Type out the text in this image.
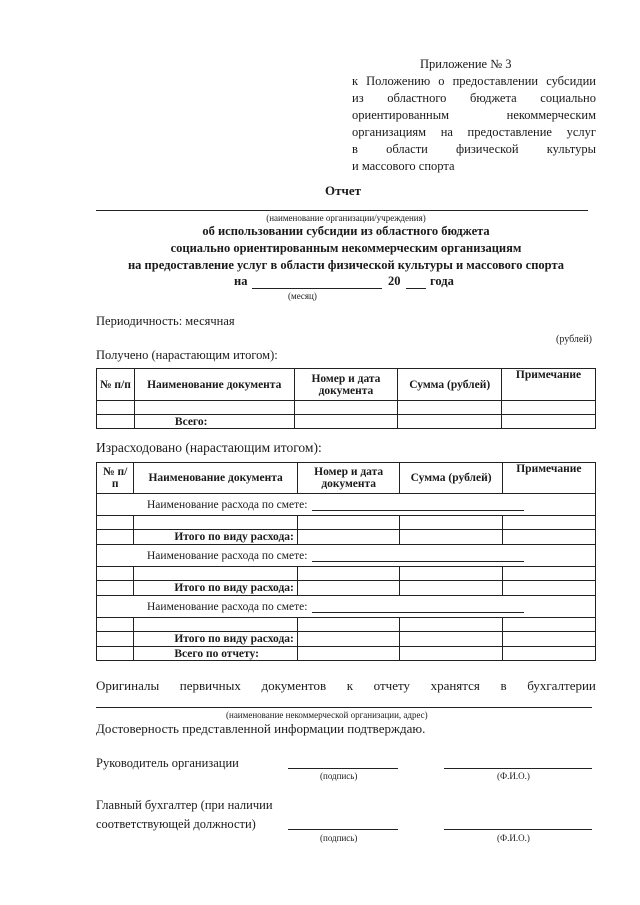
Приложение № 3
к Положению о предоставлении субсидии
из областного бюджета социально
ориентированным некоммерческим
организациям на предоставление услуг
в области физической культуры
и массового спорта
Отчет
(наименование организации/учреждения)
об использовании субсидии из областного бюджета
социально ориентированным некоммерческим организациям
на предоставление услуг в области физической культуры и массового спорта
на	20 года
(месяц)
Периодичность: месячная
(рублей)
Получено (нарастающим итогом):
№ п/п	Наименование документа	Номер и дата документа	Сумма (рублей)	Примечание

	Всего:			
Израсходовано (нарастающим итогом):
№ п/п	Наименование документа	Номер и дата документа	Сумма (рублей)	Примечание
Наименование расхода по смете:				

	Итого по виду расхода:			
Наименование расхода по смете:				

	Итого по виду расхода:			
Наименование расхода по смете:				

	Итого по виду расхода:			
	Всего по отчету:			
Оригиналы первичных документов к отчету хранятся в бухгалтерии
(наименование некоммерческой организации, адрес)
Достоверность представленной информации подтверждаю.
Руководитель организации
(подпись)	(Ф.И.О.)
Главный бухгалтер (при наличии
соответствующей должности)
(подпись)	(Ф.И.О.)
